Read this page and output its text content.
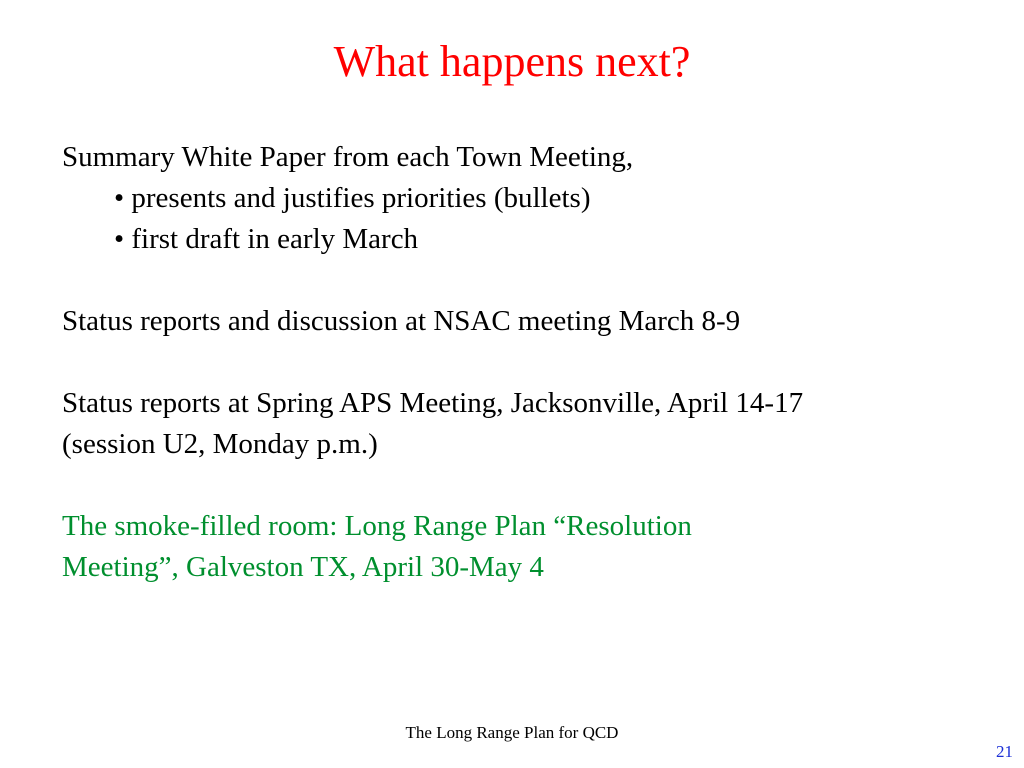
What happens next?

Summary White Paper from each Town Meeting,

• presents and justifies priorities (bullets)

• first draft in early March

Status reports and discussion at NSAC meeting March 8-9

Status reports at Spring APS Meeting, Jacksonville, April 14-17

(session U2, Monday p.m.)

The smoke-filled room: Long Range Plan “Resolution

Meeting”, Galveston TX, April 30-May 4

The Long Range Plan for QCD
21
